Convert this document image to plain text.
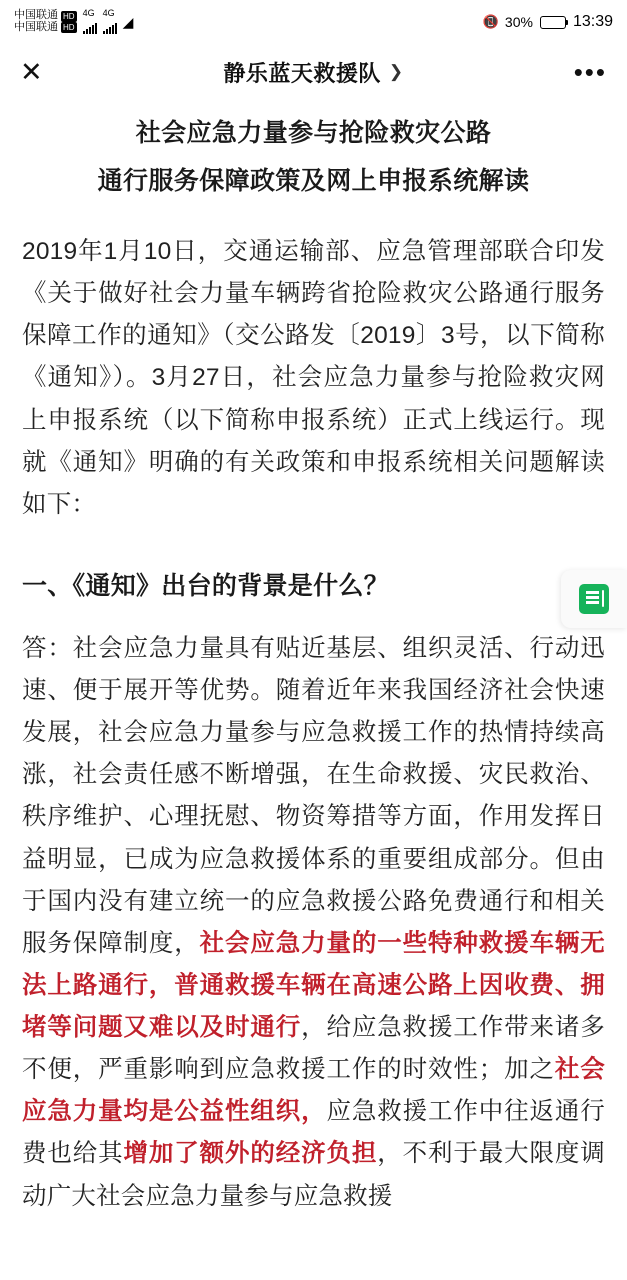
中国联通 HD
中国联通 HD
4G 4G
◢	📵 30%	13:39
✕	静乐蓝天救援队 ❯	•••
社会应急力量参与抢险救灾公路
通行服务保障政策及网上申报系统解读

2019年1月10日，交通运输部、应急管理部联合印发《关于做好社会力量车辆跨省抢险救灾公路通行服务保障工作的通知》（交公路发〔2019〕3号，以下简称《通知》）。3月27日，社会应急力量参与抢险救灾网上申报系统（以下简称申报系统）正式上线运行。现就《通知》明确的有关政策和申报系统相关问题解读如下：

一、《通知》出台的背景是什么？

答：社会应急力量具有贴近基层、组织灵活、行动迅速、便于展开等优势。随着近年来我国经济社会快速发展，社会应急力量参与应急救援工作的热情持续高涨，社会责任感不断增强，在生命救援、灾民救治、秩序维护、心理抚慰、物资筹措等方面，作用发挥日益明显，已成为应急救援体系的重要组成部分。但由于国内没有建立统一的应急救援公路免费通行和相关服务保障制度，社会应急力量的一些特种救援车辆无法上路通行，普通救援车辆在高速公路上因收费、拥堵等问题又难以及时通行，给应急救援工作带来诸多不便，严重影响到应急救援工作的时效性；加之社会应急力量均是公益性组织，应急救援工作中往返通行费也给其增加了额外的经济负担，不利于最大限度调动广大社会应急力量参与应急救援
